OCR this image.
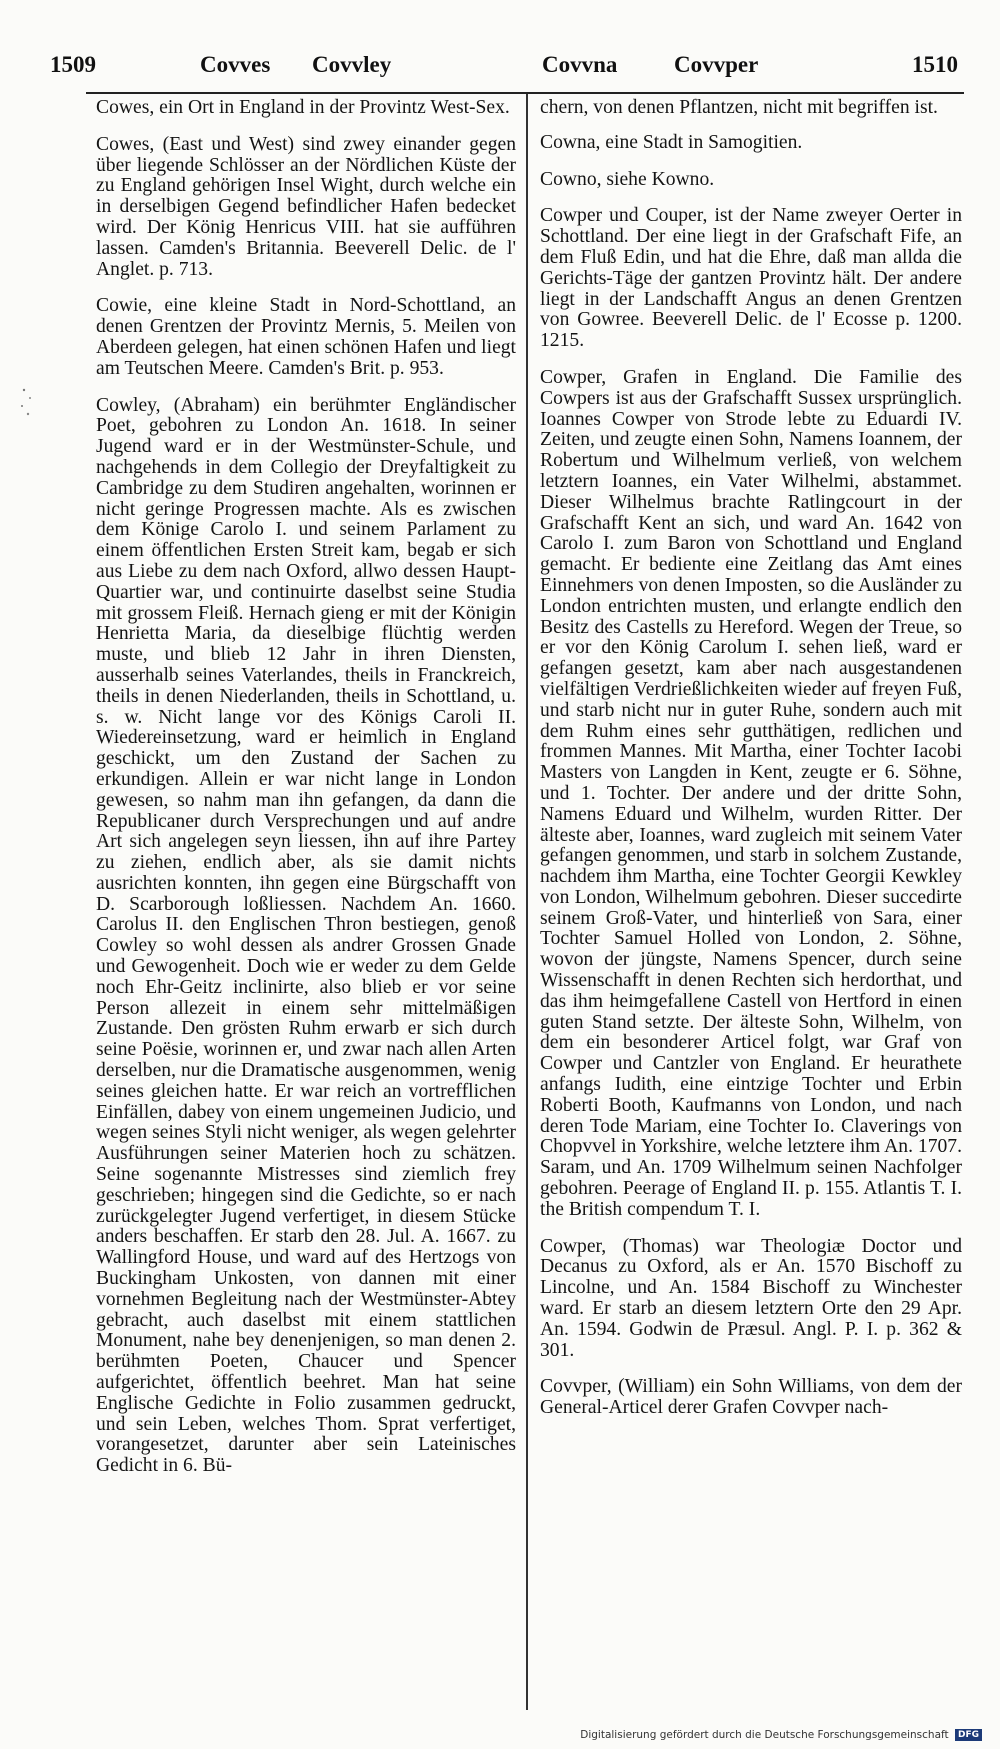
1509	Covves Covvley	Covvna Covvper	1510

Cowes, ein Ort in England in der Provintz West-Sex.

Cowes, (East und West) sind zwey einander gegen über liegende Schlösser an der Nördlichen Küste der zu England gehörigen Insel Wight, durch welche ein in derselbigen Gegend befindlicher Hafen bedecket wird. Der König Henricus VIII. hat sie aufführen lassen. Camden's Britannia. Beeverell Delic. de l' Anglet. p. 713.

Cowie, eine kleine Stadt in Nord-Schottland, an denen Grentzen der Provintz Mernis, 5. Meilen von Aberdeen gelegen, hat einen schönen Hafen und liegt am Teutschen Meere. Camden's Brit. p. 953.

Cowley, (Abraham) ein berühmter Engländischer Poet, gebohren zu London An. 1618. In seiner Jugend ward er in der Westmünster-Schule, und nachgehends in dem Collegio der Dreyfaltigkeit zu Cambridge zu dem Studiren angehalten, worinnen er nicht geringe Progressen machte. Als es zwischen dem Könige Carolo I. und seinem Parlament zu einem öffentlichen Ersten Streit kam, begab er sich aus Liebe zu dem nach Oxford, allwo dessen Haupt-Quartier war, und continuirte daselbst seine Studia mit grossem Fleiß. Hernach gieng er mit der Königin Henrietta Maria, da dieselbige flüchtig werden muste, und blieb 12 Jahr in ihren Diensten, ausserhalb seines Vaterlandes, theils in Franckreich, theils in denen Niederlanden, theils in Schottland, u. s. w. Nicht lange vor des Königs Caroli II. Wiedereinsetzung, ward er heimlich in England geschickt, um den Zustand der Sachen zu erkundigen. Allein er war nicht lange in London gewesen, so nahm man ihn gefangen, da dann die Republicaner durch Versprechungen und auf andre Art sich angelegen seyn liessen, ihn auf ihre Partey zu ziehen, endlich aber, als sie damit nichts ausrichten konnten, ihn gegen eine Bürgschafft von D. Scarborough loßliessen. Nachdem An. 1660. Carolus II. den Englischen Thron bestiegen, genoß Cowley so wohl dessen als andrer Grossen Gnade und Gewogenheit. Doch wie er weder zu dem Gelde noch Ehr-Geitz inclinirte, also blieb er vor seine Person allezeit in einem sehr mittelmäßigen Zustande. Den grösten Ruhm erwarb er sich durch seine Poësie, worinnen er, und zwar nach allen Arten derselben, nur die Dramatische ausgenommen, wenig seines gleichen hatte. Er war reich an vortrefflichen Einfällen, dabey von einem ungemeinen Judicio, und wegen seines Styli nicht weniger, als wegen gelehrter Ausführungen seiner Materien hoch zu schätzen. Seine sogenannte Mistresses sind ziemlich frey geschrieben; hingegen sind die Gedichte, so er nach zurückgelegter Jugend verfertiget, in diesem Stücke anders beschaffen. Er starb den 28. Jul. A. 1667. zu Wallingford House, und ward auf des Hertzogs von Buckingham Unkosten, von dannen mit einer vornehmen Begleitung nach der Westmünster-Abtey gebracht, auch daselbst mit einem stattlichen Monument, nahe bey denenjenigen, so man denen 2. berühmten Poeten, Chaucer und Spencer aufgerichtet, öffentlich beehret. Man hat seine Englische Gedichte in Folio zusammen gedruckt, und sein Leben, welches Thom. Sprat verfertiget, vorangesetzet, darunter aber sein Lateinisches Gedicht in 6. Bü-

chern, von denen Pflantzen, nicht mit begriffen ist.

Cowna, eine Stadt in Samogitien.

Cowno, siehe Kowno.

Cowper und Couper, ist der Name zweyer Oerter in Schottland. Der eine liegt in der Grafschaft Fife, an dem Fluß Edin, und hat die Ehre, daß man allda die Gerichts-Täge der gantzen Provintz hält. Der andere liegt in der Landschafft Angus an denen Grentzen von Gowree. Beeverell Delic. de l' Ecosse p. 1200. 1215.

Cowper, Grafen in England. Die Familie des Cowpers ist aus der Grafschafft Sussex ursprünglich. Ioannes Cowper von Strode lebte zu Eduardi IV. Zeiten, und zeugte einen Sohn, Namens Ioannem, der Robertum und Wilhelmum verließ, von welchem letztern Ioannes, ein Vater Wilhelmi, abstammet. Dieser Wilhelmus brachte Ratlingcourt in der Grafschafft Kent an sich, und ward An. 1642 von Carolo I. zum Baron von Schottland und England gemacht. Er bediente eine Zeitlang das Amt eines Einnehmers von denen Imposten, so die Ausländer zu London entrichten musten, und erlangte endlich den Besitz des Castells zu Hereford. Wegen der Treue, so er vor den König Carolum I. sehen ließ, ward er gefangen gesetzt, kam aber nach ausgestandenen vielfältigen Verdrießlichkeiten wieder auf freyen Fuß, und starb nicht nur in guter Ruhe, sondern auch mit dem Ruhm eines sehr gutthätigen, redlichen und frommen Mannes. Mit Martha, einer Tochter Iacobi Masters von Langden in Kent, zeugte er 6. Söhne, und 1. Tochter. Der andere und der dritte Sohn, Namens Eduard und Wilhelm, wurden Ritter. Der älteste aber, Ioannes, ward zugleich mit seinem Vater gefangen genommen, und starb in solchem Zustande, nachdem ihm Martha, eine Tochter Georgii Kewkley von London, Wilhelmum gebohren. Dieser succedirte seinem Groß-Vater, und hinterließ von Sara, einer Tochter Samuel Holled von London, 2. Söhne, wovon der jüngste, Namens Spencer, durch seine Wissenschafft in denen Rechten sich herdorthat, und das ihm heimgefallene Castell von Hertford in einen guten Stand setzte. Der älteste Sohn, Wilhelm, von dem ein besonderer Articel folgt, war Graf von Cowper und Cantzler von England. Er heurathete anfangs Iudith, eine eintzige Tochter und Erbin Roberti Booth, Kaufmanns von London, und nach deren Tode Mariam, eine Tochter Io. Claverings von Chopvvel in Yorkshire, welche letztere ihm An. 1707. Saram, und An. 1709 Wilhelmum seinen Nachfolger gebohren. Peerage of England II. p. 155. Atlantis T. I. the British compendum T. I.

Cowper, (Thomas) war Theologiæ Doctor und Decanus zu Oxford, als er An. 1570 Bischoff zu Lincolne, und An. 1584 Bischoff zu Winchester ward. Er starb an diesem letztern Orte den 29 Apr. An. 1594. Godwin de Præsul. Angl. P. I. p. 362 & 301.

Covvper, (William) ein Sohn Williams, von dem der General-Articel derer Grafen Covvper nach-

Digitalisierung gefördert durch die Deutsche Forschungsgemeinschaft DFG
